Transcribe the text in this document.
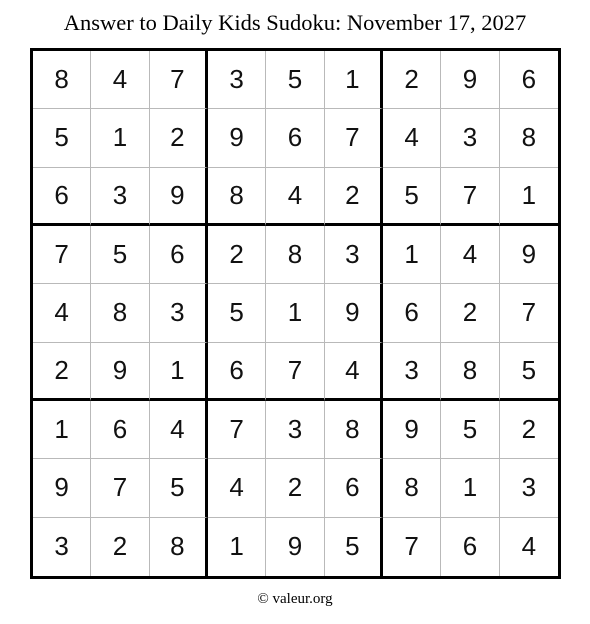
Answer to Daily Kids Sudoku: November 17, 2027
8	4	7	3	5	1	2	9	6
5	1	2	9	6	7	4	3	8
6	3	9	8	4	2	5	7	1
7	5	6	2	8	3	1	4	9
4	8	3	5	1	9	6	2	7
2	9	1	6	7	4	3	8	5
1	6	4	7	3	8	9	5	2
9	7	5	4	2	6	8	1	3
3	2	8	1	9	5	7	6	4
© valeur.org
